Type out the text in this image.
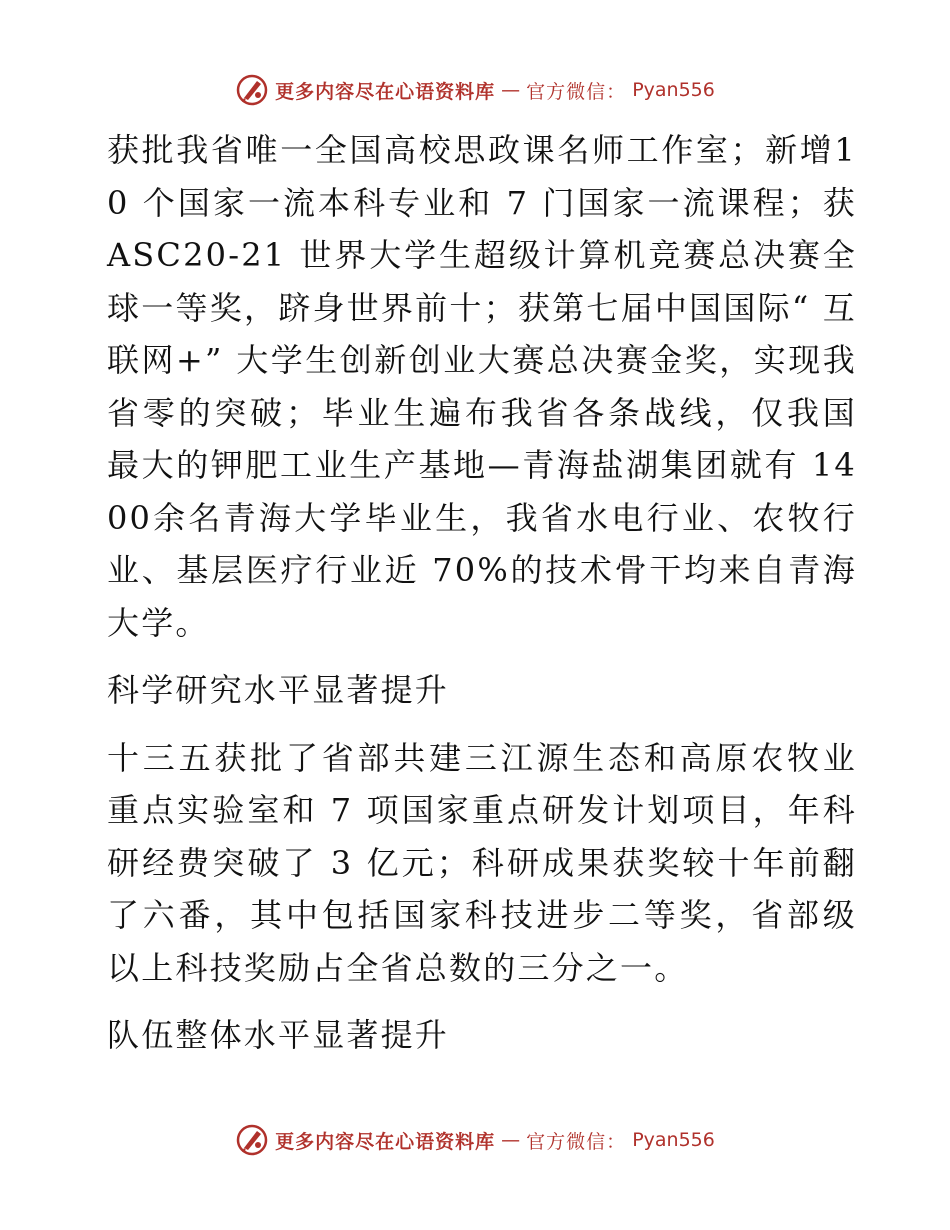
更多内容尽在心语资料库 — 官方微信： Pyan556

获批我省唯一全国高校思政课名师工作室；新增10 个国家一流本科专业和 7 门国家一流课程；获ASC20-21 世界大学生超级计算机竞赛总决赛全球一等奖，跻身世界前十；获第七届中国国际“ 互联网+” 大学生创新创业大赛总决赛金奖，实现我省零的突破；毕业生遍布我省各条战线，仅我国最大的钾肥工业生产基地—青海盐湖集团就有 1400余名青海大学毕业生，我省水电行业、农牧行业、基层医疗行业近 70%的技术骨干均来自青海大学。

科学研究水平显著提升

十三五获批了省部共建三江源生态和高原农牧业重点实验室和 7 项国家重点研发计划项目，年科研经费突破了 3 亿元；科研成果获奖较十年前翻了六番，其中包括国家科技进步二等奖，省部级以上科技奖励占全省总数的三分之一。

队伍整体水平显著提升
更多内容尽在心语资料库 — 官方微信： Pyan556
